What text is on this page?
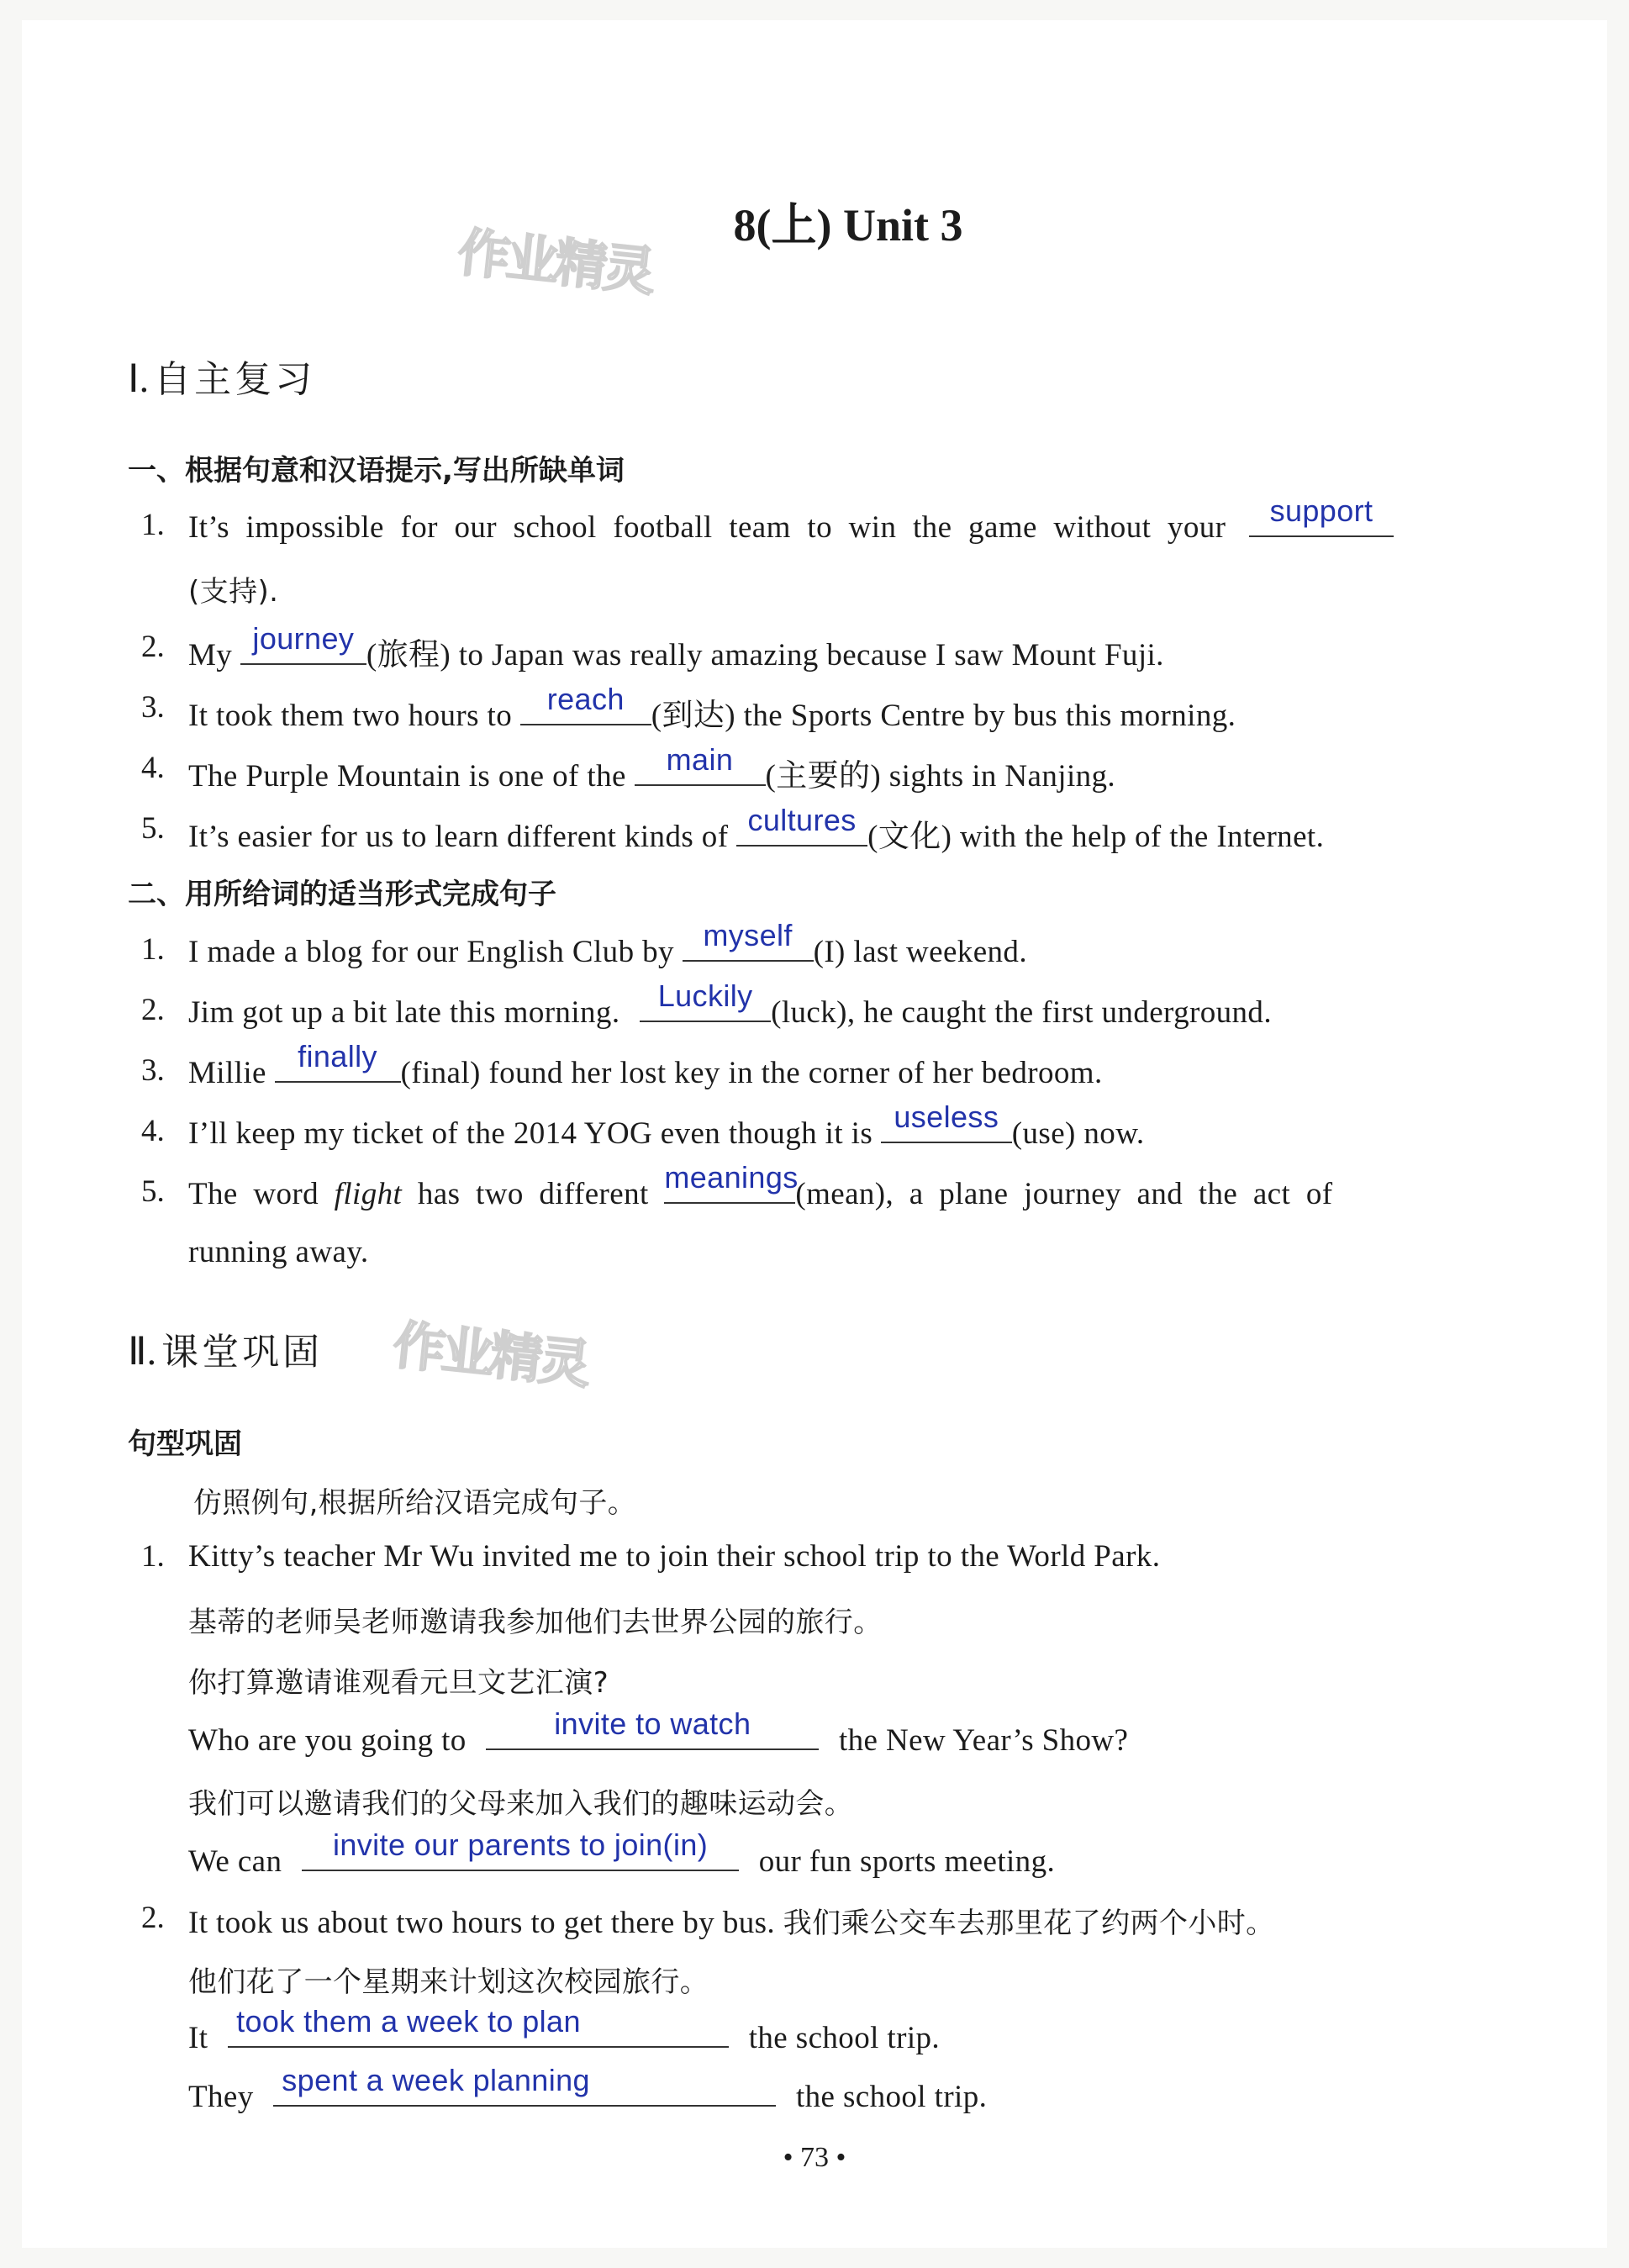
作业精灵
作业精灵
8(上) Unit 3
Ⅰ. 自主复习
一、根据句意和汉语提示,写出所缺单词
1. It’s impossible for our school football team to win the game without your	support
(支持).
2. My journey (旅程) to Japan was really amazing because I saw Mount Fuji.
3. It took them two hours to	reach (到达) the Sports Centre by bus this morning.
4. The Purple Mountain is one of the	main	(主要的) sights in Nanjing.
5. It’s easier for us to learn different kinds of cultures (文化) with the help of the Internet.
二、用所给词的适当形式完成句子
1. I made a blog for our English Club by myself (I) last weekend.
2. Jim got up a bit late this morning.	Luckily (luck), he caught the first underground.
3. Millie	finally (final) found her lost key in the corner of her bedroom.
4. I’ll keep my ticket of the 2014 YOG even though it is useless (use) now.
5. The word flight has two different meanings
(mean), a plane journey and the act of
running away.
Ⅱ. 课堂巩固
句型巩固
仿照例句,根据所给汉语完成句子。
1. Kitty’s teacher Mr Wu invited me to join their school trip to the World Park.
基蒂的老师吴老师邀请我参加他们去世界公园的旅行。
你打算邀请谁观看元旦文艺汇演?
Who are you going to	invite to watch	the New Year’s Show?
我们可以邀请我们的父母来加入我们的趣味运动会。
We can	invite our parents to join(in)	our fun sports meeting.
2. It took us about two hours to get there by bus. 我们乘公交车去那里花了约两个小时。
他们花了一个星期来计划这次校园旅行。
It took them a week to plan	the school trip.
They spent a week planning	the school trip.
• 73 •
